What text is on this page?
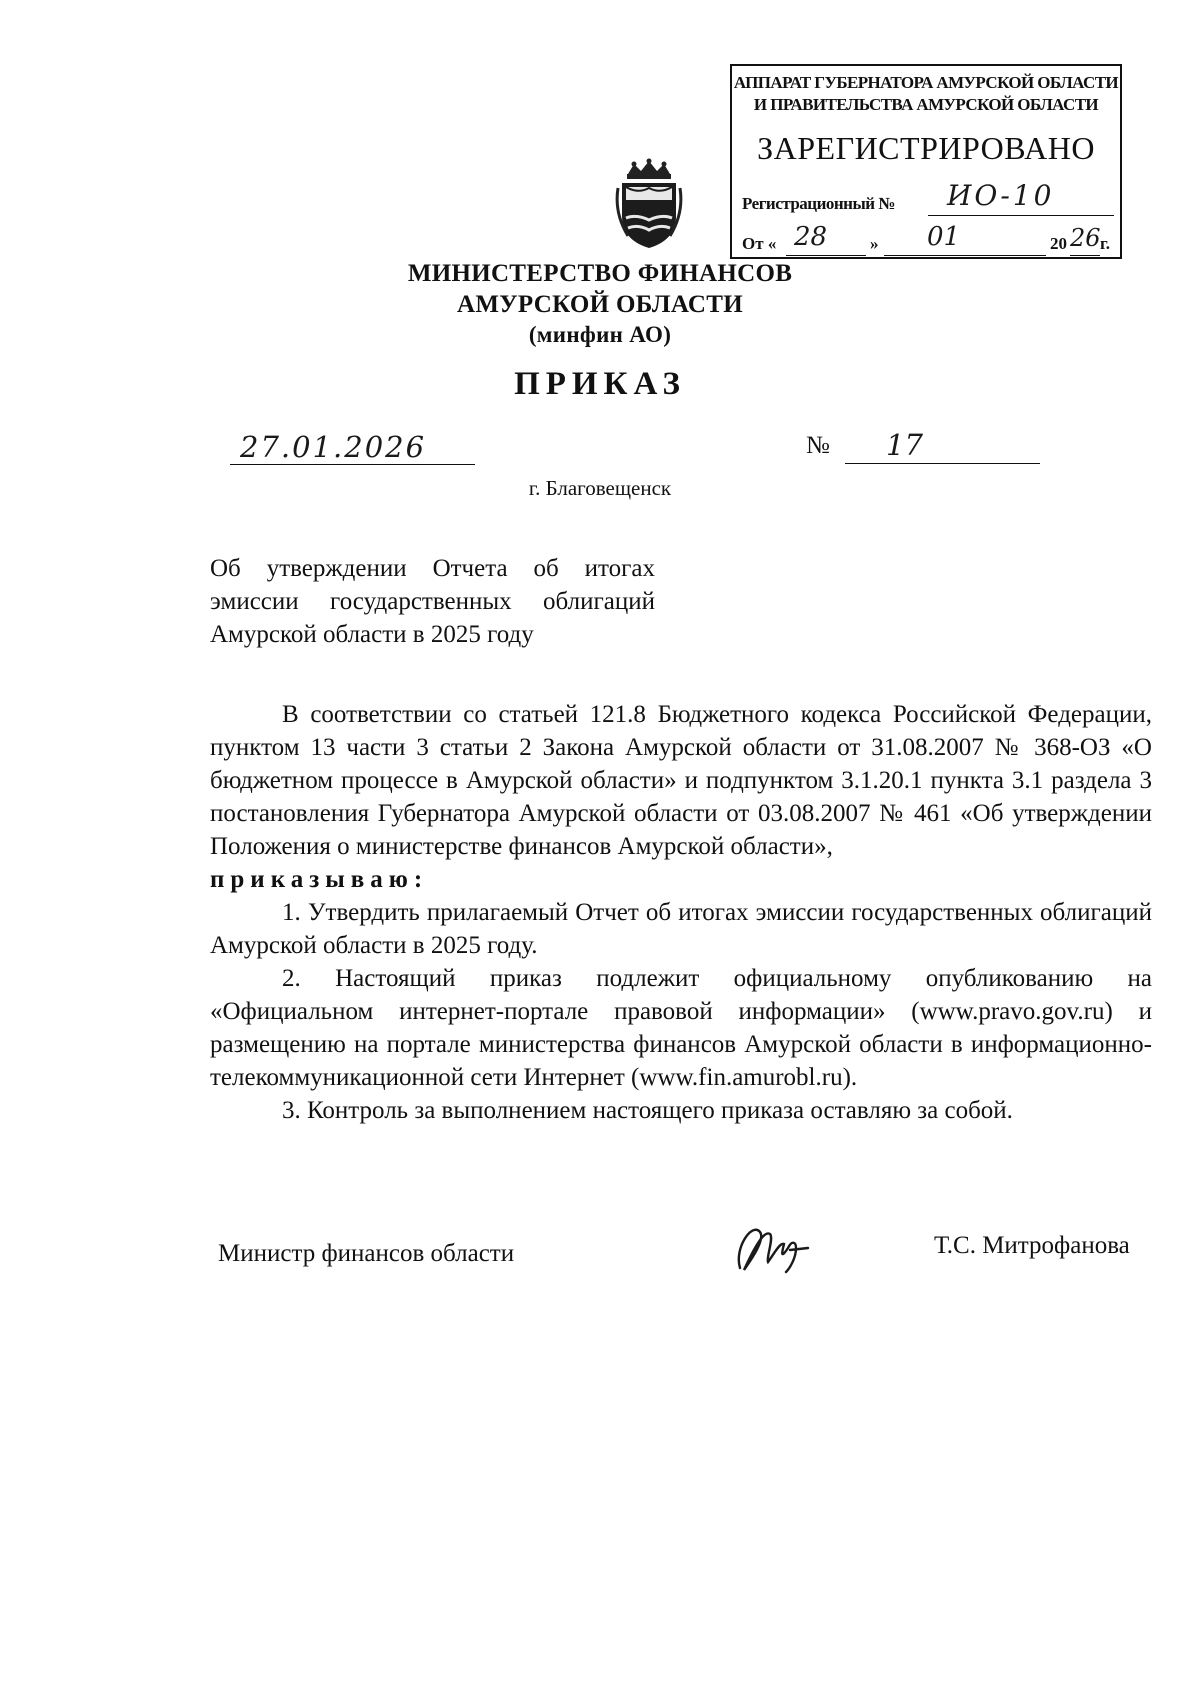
АППАРАТ ГУБЕРНАТОРА АМУРСКОЙ ОБЛАСТИ
И ПРАВИТЕЛЬСТВА АМУРСКОЙ ОБЛАСТИ
ЗАРЕГИСТРИРОВАНО
Регистрационный № ИО-10
От « 28	» 01	20 26 г.
МИНИСТЕРСТВО ФИНАНСОВ
АМУРСКОЙ ОБЛАСТИ
(минфин АО)
ПРИКАЗ
27.01.2026	№ 17
г. Благовещенск

Об утверждении Отчета об итогах

эмиссии государственных облигаций

Амурской области в 2025 году

В соответствии со статьей 121.8 Бюджетного кодекса Российской Федерации, пунктом 13 части 3 статьи 2 Закона Амурской области от 31.08.2007 № 368-ОЗ «О бюджетном процессе в Амурской области» и подпунктом 3.1.20.1 пункта 3.1 раздела 3 постановления Губернатора Амурской области от 03.08.2007 № 461 «Об утверждении Положения о министерстве финансов Амурской области»,

приказываю:

1. Утвердить прилагаемый Отчет об итогах эмиссии государственных облигаций Амурской области в 2025 году.

2. Настоящий приказ подлежит официальному опубликованию на «Официальном интернет-портале правовой информации» (www.pravo.gov.ru) и размещению на портале министерства финансов Амурской области в информационно-телекоммуникационной сети Интернет (www.fin.amurobl.ru).

3. Контроль за выполнением настоящего приказа оставляю за собой.

Министр финансов области	Т.С. Митрофанова
